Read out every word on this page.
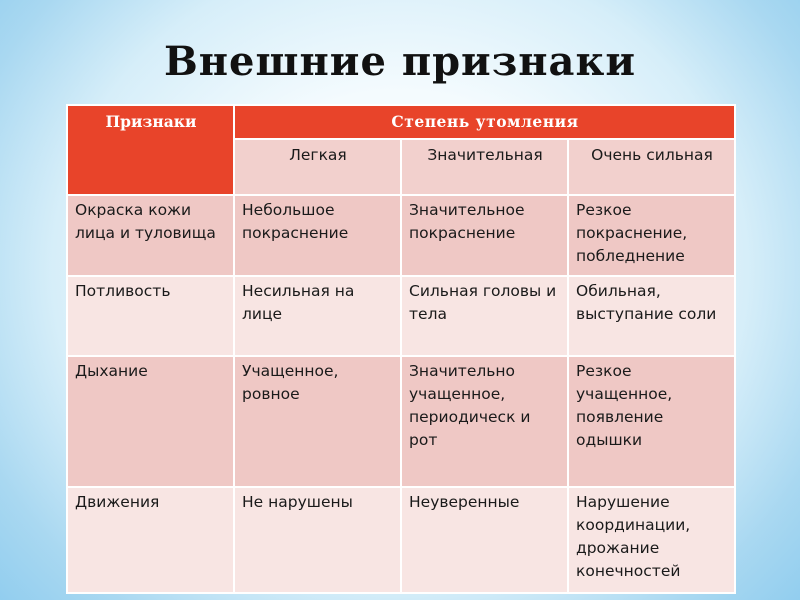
Внешние признаки
Признаки	Степень утомления		
	Легкая	Значительная	Очень сильная
Окраска кожи лица и туловища	Небольшое покраснение	Значительное покраснение	Резкое покраснение, побледнение
Потливость	Несильная на лице	Сильная головы и тела	Обильная, выступание соли
Дыхание	Учащенное, ровное	Значительно учащенное, периодическ и рот	Резкое учащенное, появление одышки
Движения	Не нарушены	Неуверенные	Нарушение координации, дрожание конечностей
